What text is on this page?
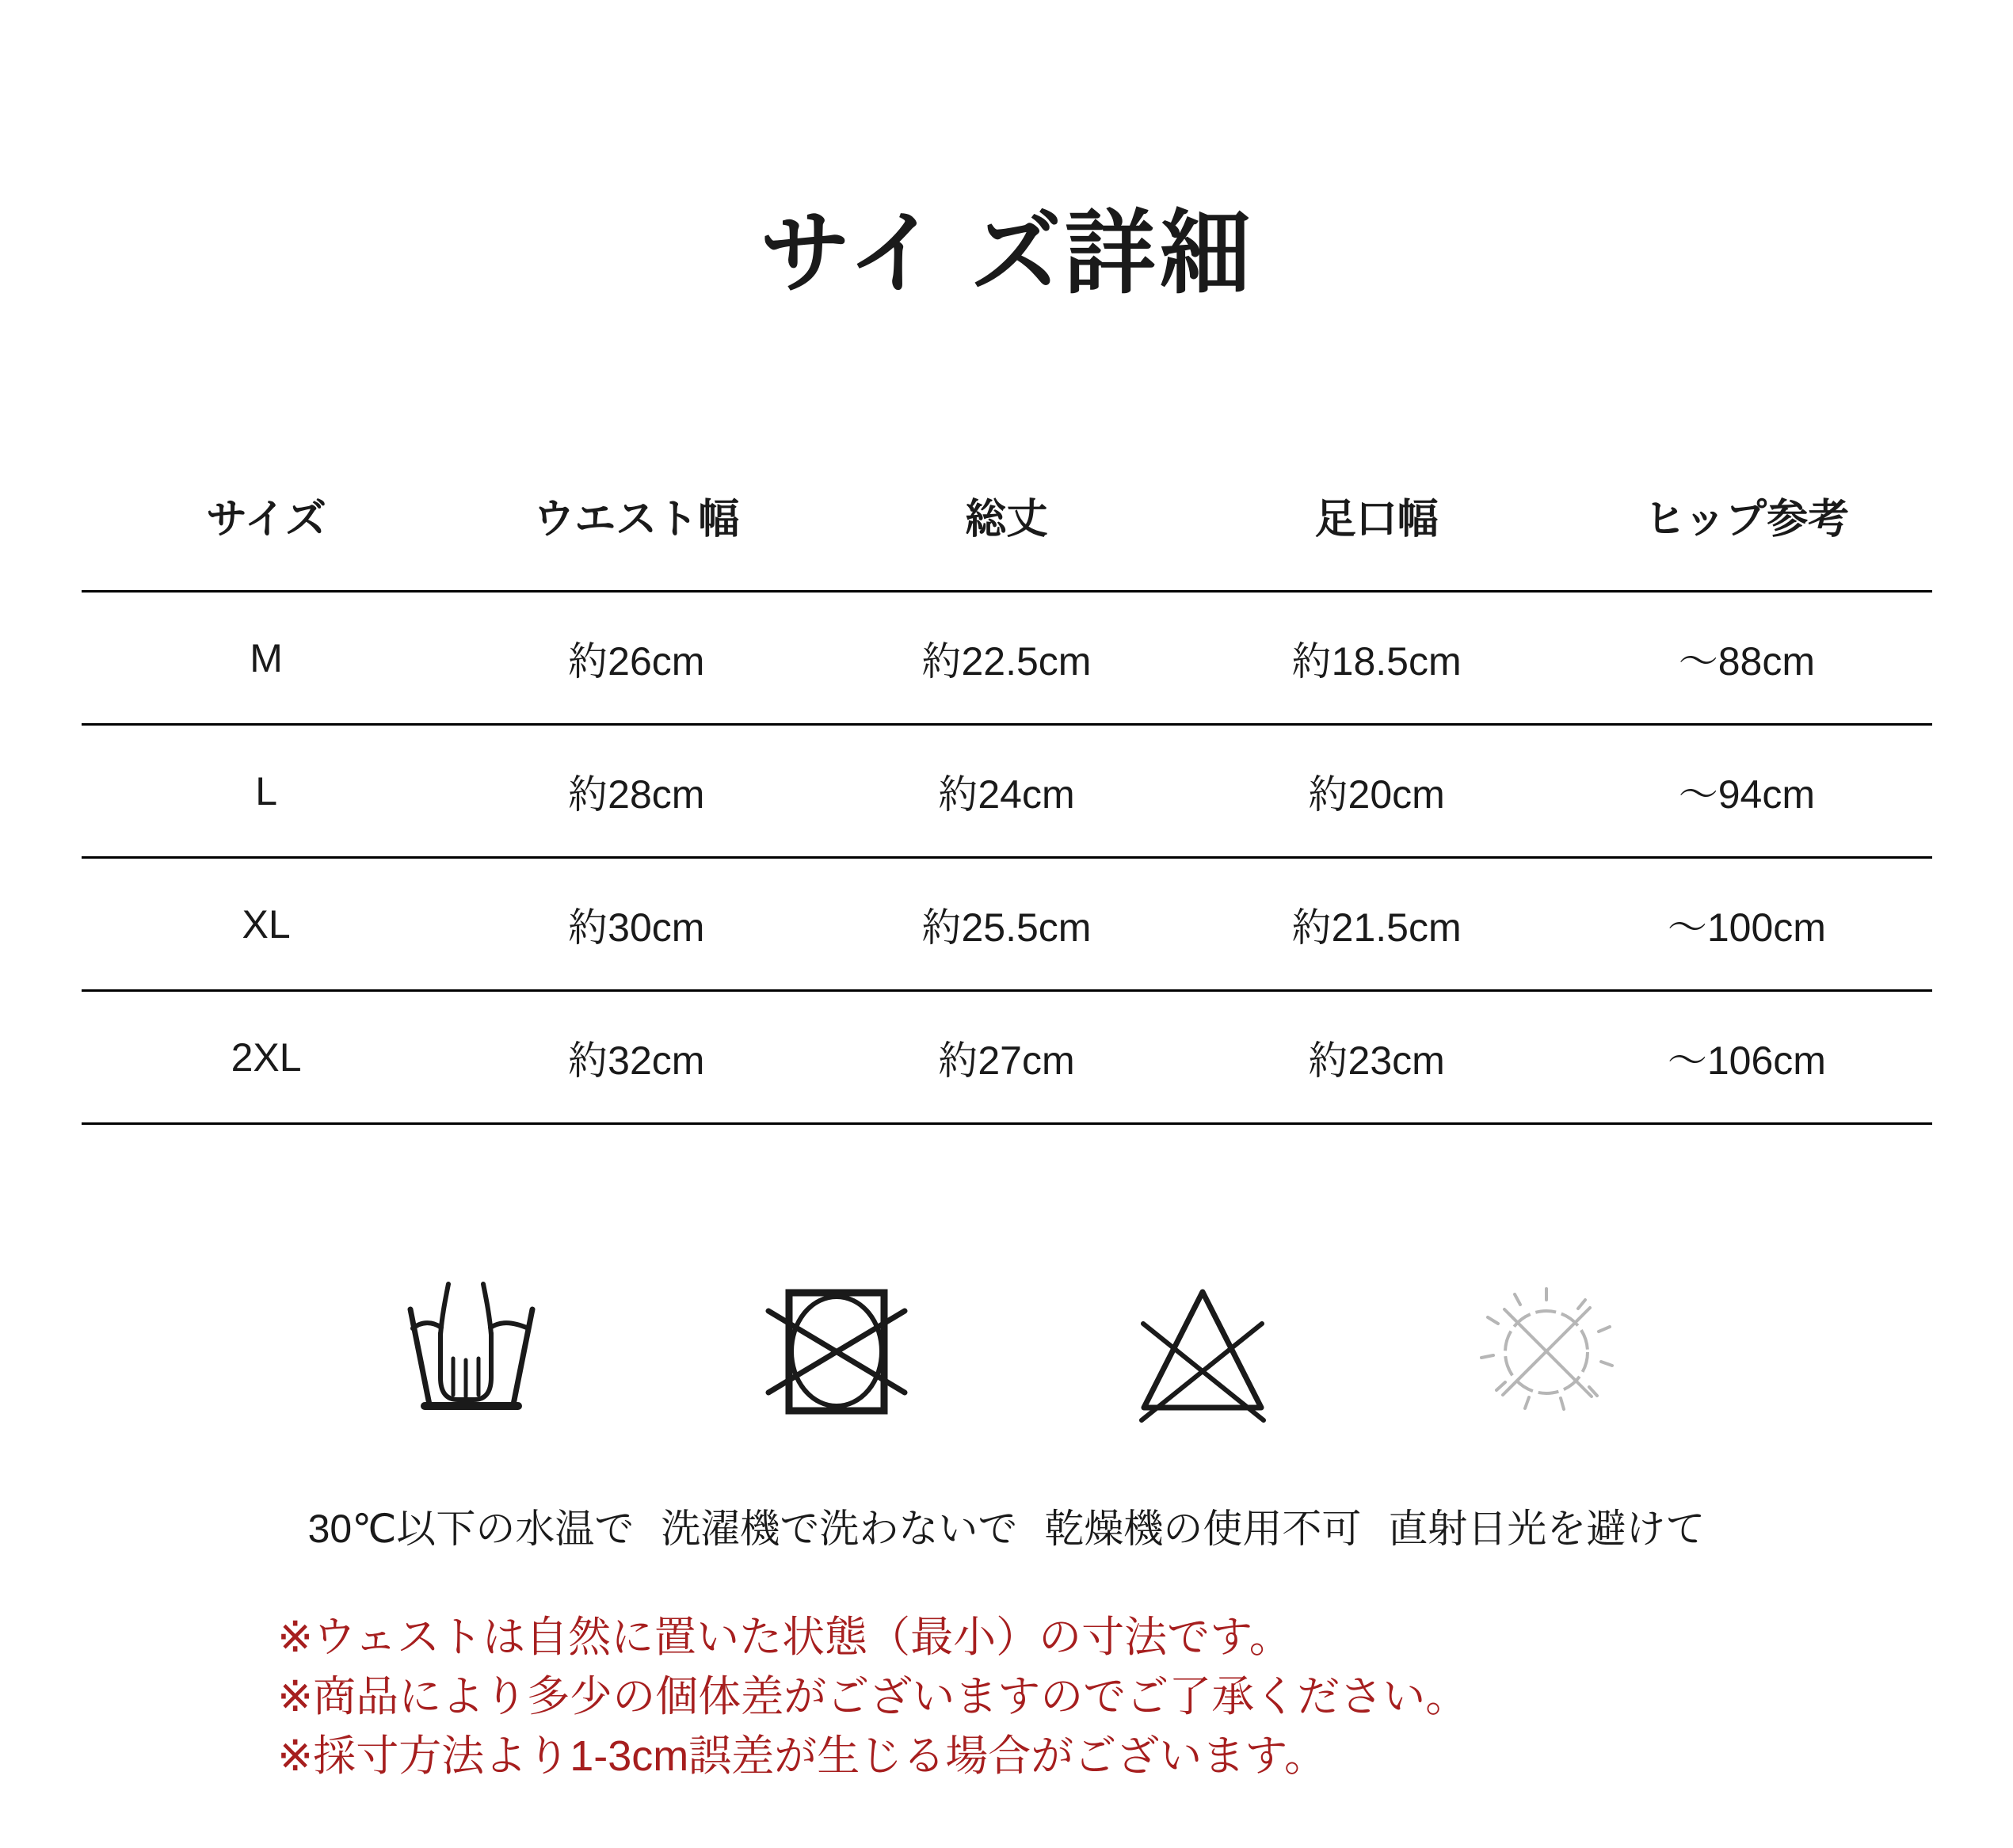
サイ ズ詳細
サイズ	ウエスト幅	総丈	足口幅	ヒップ参考
M	約26cm	約22.5cm	約18.5cm	～88cm
L	約28cm	約24cm	約20cm	～94cm
XL	約30cm	約25.5cm	約21.5cm	～100cm
2XL	約32cm	約27cm	約23cm	～106cm
30℃以下の水温で 洗濯機で洗わないで 乾燥機の使用不可 直射日光を避けて
※ウェストは自然に置いた状態（最小）の寸法です。
※商品により多少の個体差がございますのでご了承ください。
※採寸方法より1-3cm誤差が生じる場合がございます。
